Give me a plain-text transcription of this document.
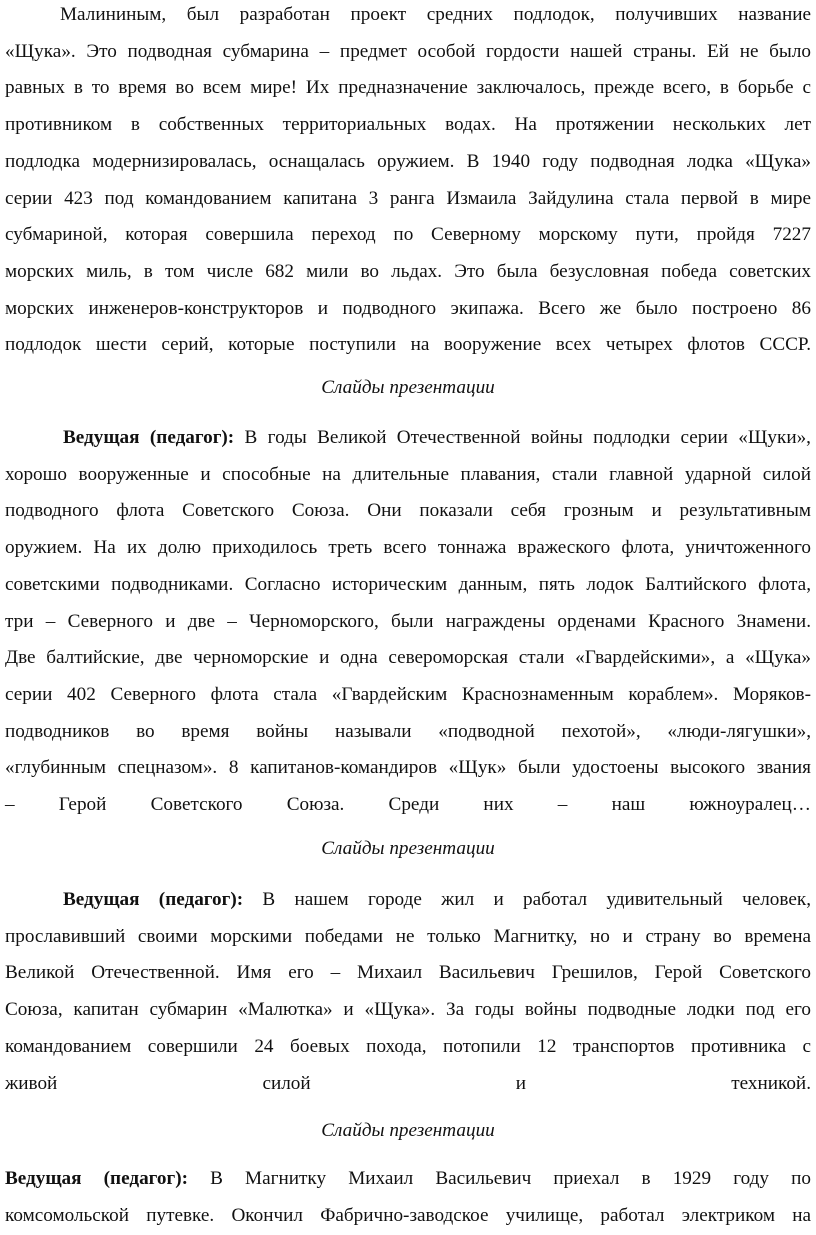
Малининым, был разработан проект средних подлодок, получивших название
«Щука». Это подводная субмарина – предмет особой гордости нашей страны. Ей не было
равных в то время во всем мире! Их предназначение заключалось, прежде всего, в борьбе с
противником в собственных территориальных водах. На протяжении нескольких лет
подлодка модернизировалась, оснащалась оружием. В 1940 году подводная лодка «Щука»
серии 423 под командованием капитана 3 ранга Измаила Зайдулина стала первой в мире
субмариной, которая совершила переход по Северному морскому пути, пройдя 7227
морских миль, в том числе 682 мили во льдах. Это была безусловная победа советских
морских инженеров-конструкторов и подводного экипажа. Всего же было построено 86
подлодок шести серий, которые поступили на вооружение всех четырех флотов СССР.

Слайды презентации

Ведущая (педагог): В годы Великой Отечественной войны подлодки серии «Щуки»,
хорошо вооруженные и способные на длительные плавания, стали главной ударной силой
подводного флота Советского Союза. Они показали себя грозным и результативным
оружием. На их долю приходилось треть всего тоннажа вражеского флота, уничтоженного
советскими подводниками. Согласно историческим данным, пять лодок Балтийского флота,
три – Северного и две – Черноморского, были награждены орденами Красного Знамени.
Две балтийские, две черноморские и одна североморская стали «Гвардейскими», а «Щука»
серии 402 Северного флота стала «Гвардейским Краснознаменным кораблем». Моряков-
подводников во время войны называли «подводной пехотой», «люди-лягушки»,
«глубинным спецназом». 8 капитанов-командиров «Щук» были удостоены высокого звания
– Герой Советского Союза. Среди них – наш южноуралец…

Слайды презентации

Ведущая (педагог): В нашем городе жил и работал удивительный человек,
прославивший своими морскими победами не только Магнитку, но и страну во времена
Великой Отечественной. Имя его – Михаил Васильевич Грешилов, Герой Советского
Союза, капитан субмарин «Малютка» и «Щука». За годы войны подводные лодки под его
командованием совершили 24 боевых похода, потопили 12 транспортов противника с
живой силой и техникой.

Слайды презентации

Ведущая (педагог): В Магнитку Михаил Васильевич приехал в 1929 году по
комсомольской путевке. Окончил Фабрично-заводское училище, работал электриком на
